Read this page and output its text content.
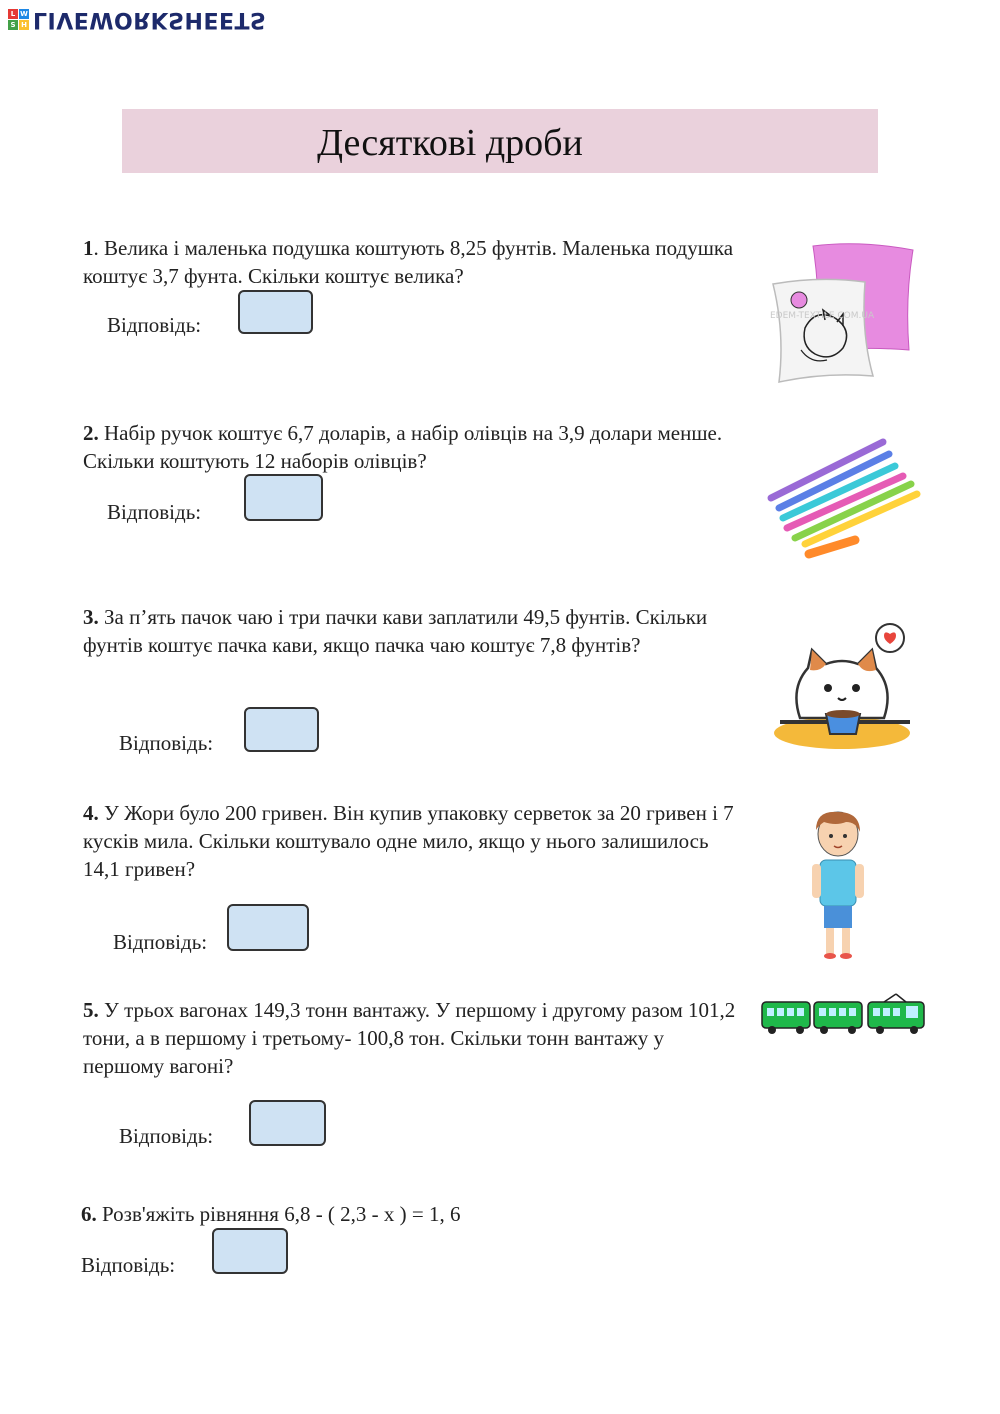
L W
S H LIVEWORKSHEETS
Десяткові дроби
1. Велика і маленька подушка коштують 8,25 фунтів. Маленька подушка коштує 3,7 фунта. Скільки коштує велика?
Відповідь:
2. Набір ручок коштує 6,7 доларів, а набір олівців на 3,9 долари менше. Скільки коштують 12 наборів олівців?
Відповідь:
3. За п’ять пачок чаю і три пачки кави заплатили 49,5 фунтів. Скільки фунтів коштує пачка кави, якщо пачка чаю коштує 7,8 фунтів?
Відповідь:
4. У Жори було 200 гривен. Він купив упаковку серветок за 20 гривен і 7 кусків мила. Скільки коштувало одне мило, якщо у нього залишилось 14,1 гривен?
Відповідь:
5. У трьох вагонах 149,3 тонн вантажу. У першому і другому разом 101,2 тони, а в першому і третьому- 100,8 тон. Скільки тонн вантажу у першому вагоні?
Відповідь:
6. Розв'яжіть рівняння 6,8 - ( 2,3 - х ) = 1, 6
Відповідь:
EDEM-TEXTILE.COM.UA
